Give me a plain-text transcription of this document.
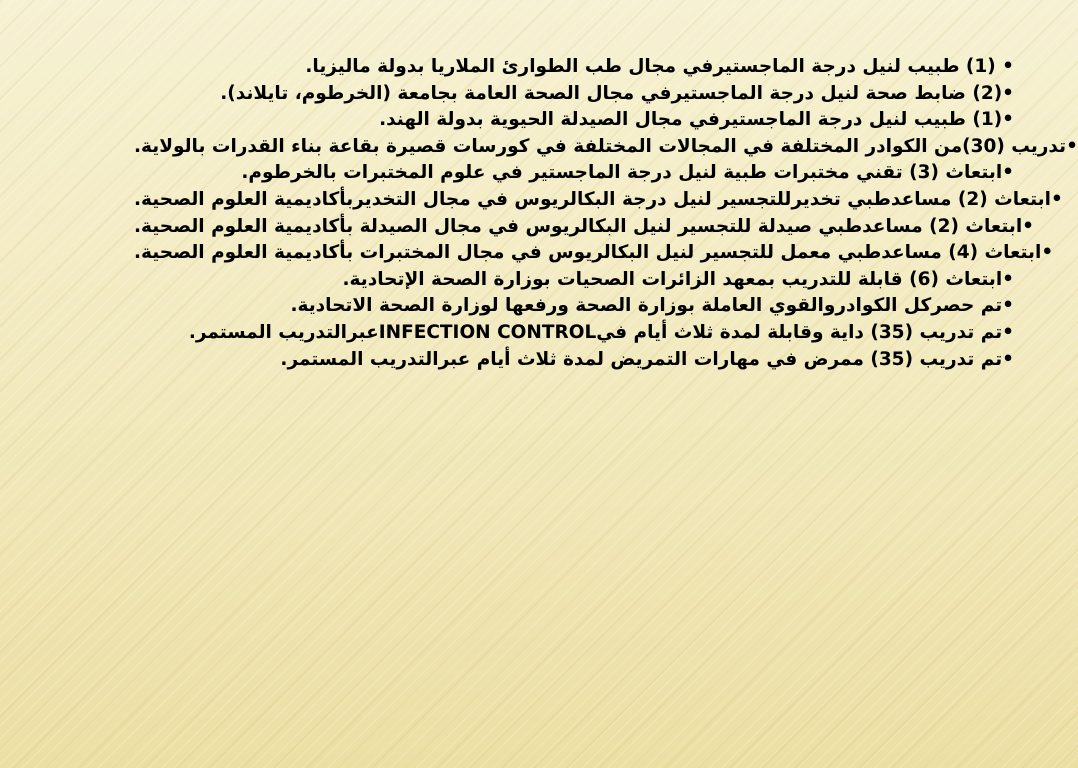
• (1) طبيب لنيل درجة الماجستيرفي مجال طب الطوارئ الملاريا بدولة ماليزيا.
•(2) ضابط صحة لنيل درجة الماجستيرفي مجال الصحة العامة بجامعة (الخرطوم، تايلاند).
•(1) طبيب لنيل درجة الماجستيرفي مجال الصيدلة الحيوية بدولة الهند.
•تدريب (30)من الكوادر المختلفة في المجالات المختلفة في كورسات قصيرة بقاعة بناء القدرات بالولاية.
•ابتعاث (3) تقني مختبرات طبية لنيل درجة الماجستير في علوم المختبرات بالخرطوم.
•ابتعاث (2) مساعدطبي تخديرللتجسير لنيل درجة البكالريوس في مجال التخديربأكاديمية العلوم الصحية.
•ابتعاث (2) مساعدطبي صيدلة للتجسير لنيل البكالريوس في مجال الصيدلة بأكاديمية العلوم الصحية.
•ابتعاث (4) مساعدطبي معمل للتجسير لنيل البكالريوس في مجال المختبرات بأكاديمية العلوم الصحية.
•ابتعاث (6) قابلة للتدريب بمعهد الزائرات الصحيات بوزارة الصحة الإتحادية.
•تم حصركل الكوادروالقوي العاملة بوزارة الصحة ورفعها لوزارة الصحة الاتحادية.
•تم تدريب (35) داية وقابلة لمدة ثلاث أيام فيINFECTION CONTROLعبرالتدريب المستمر.
•تم تدريب (35) ممرض في مهارات التمريض لمدة ثلاث أيام عبرالتدريب المستمر.
